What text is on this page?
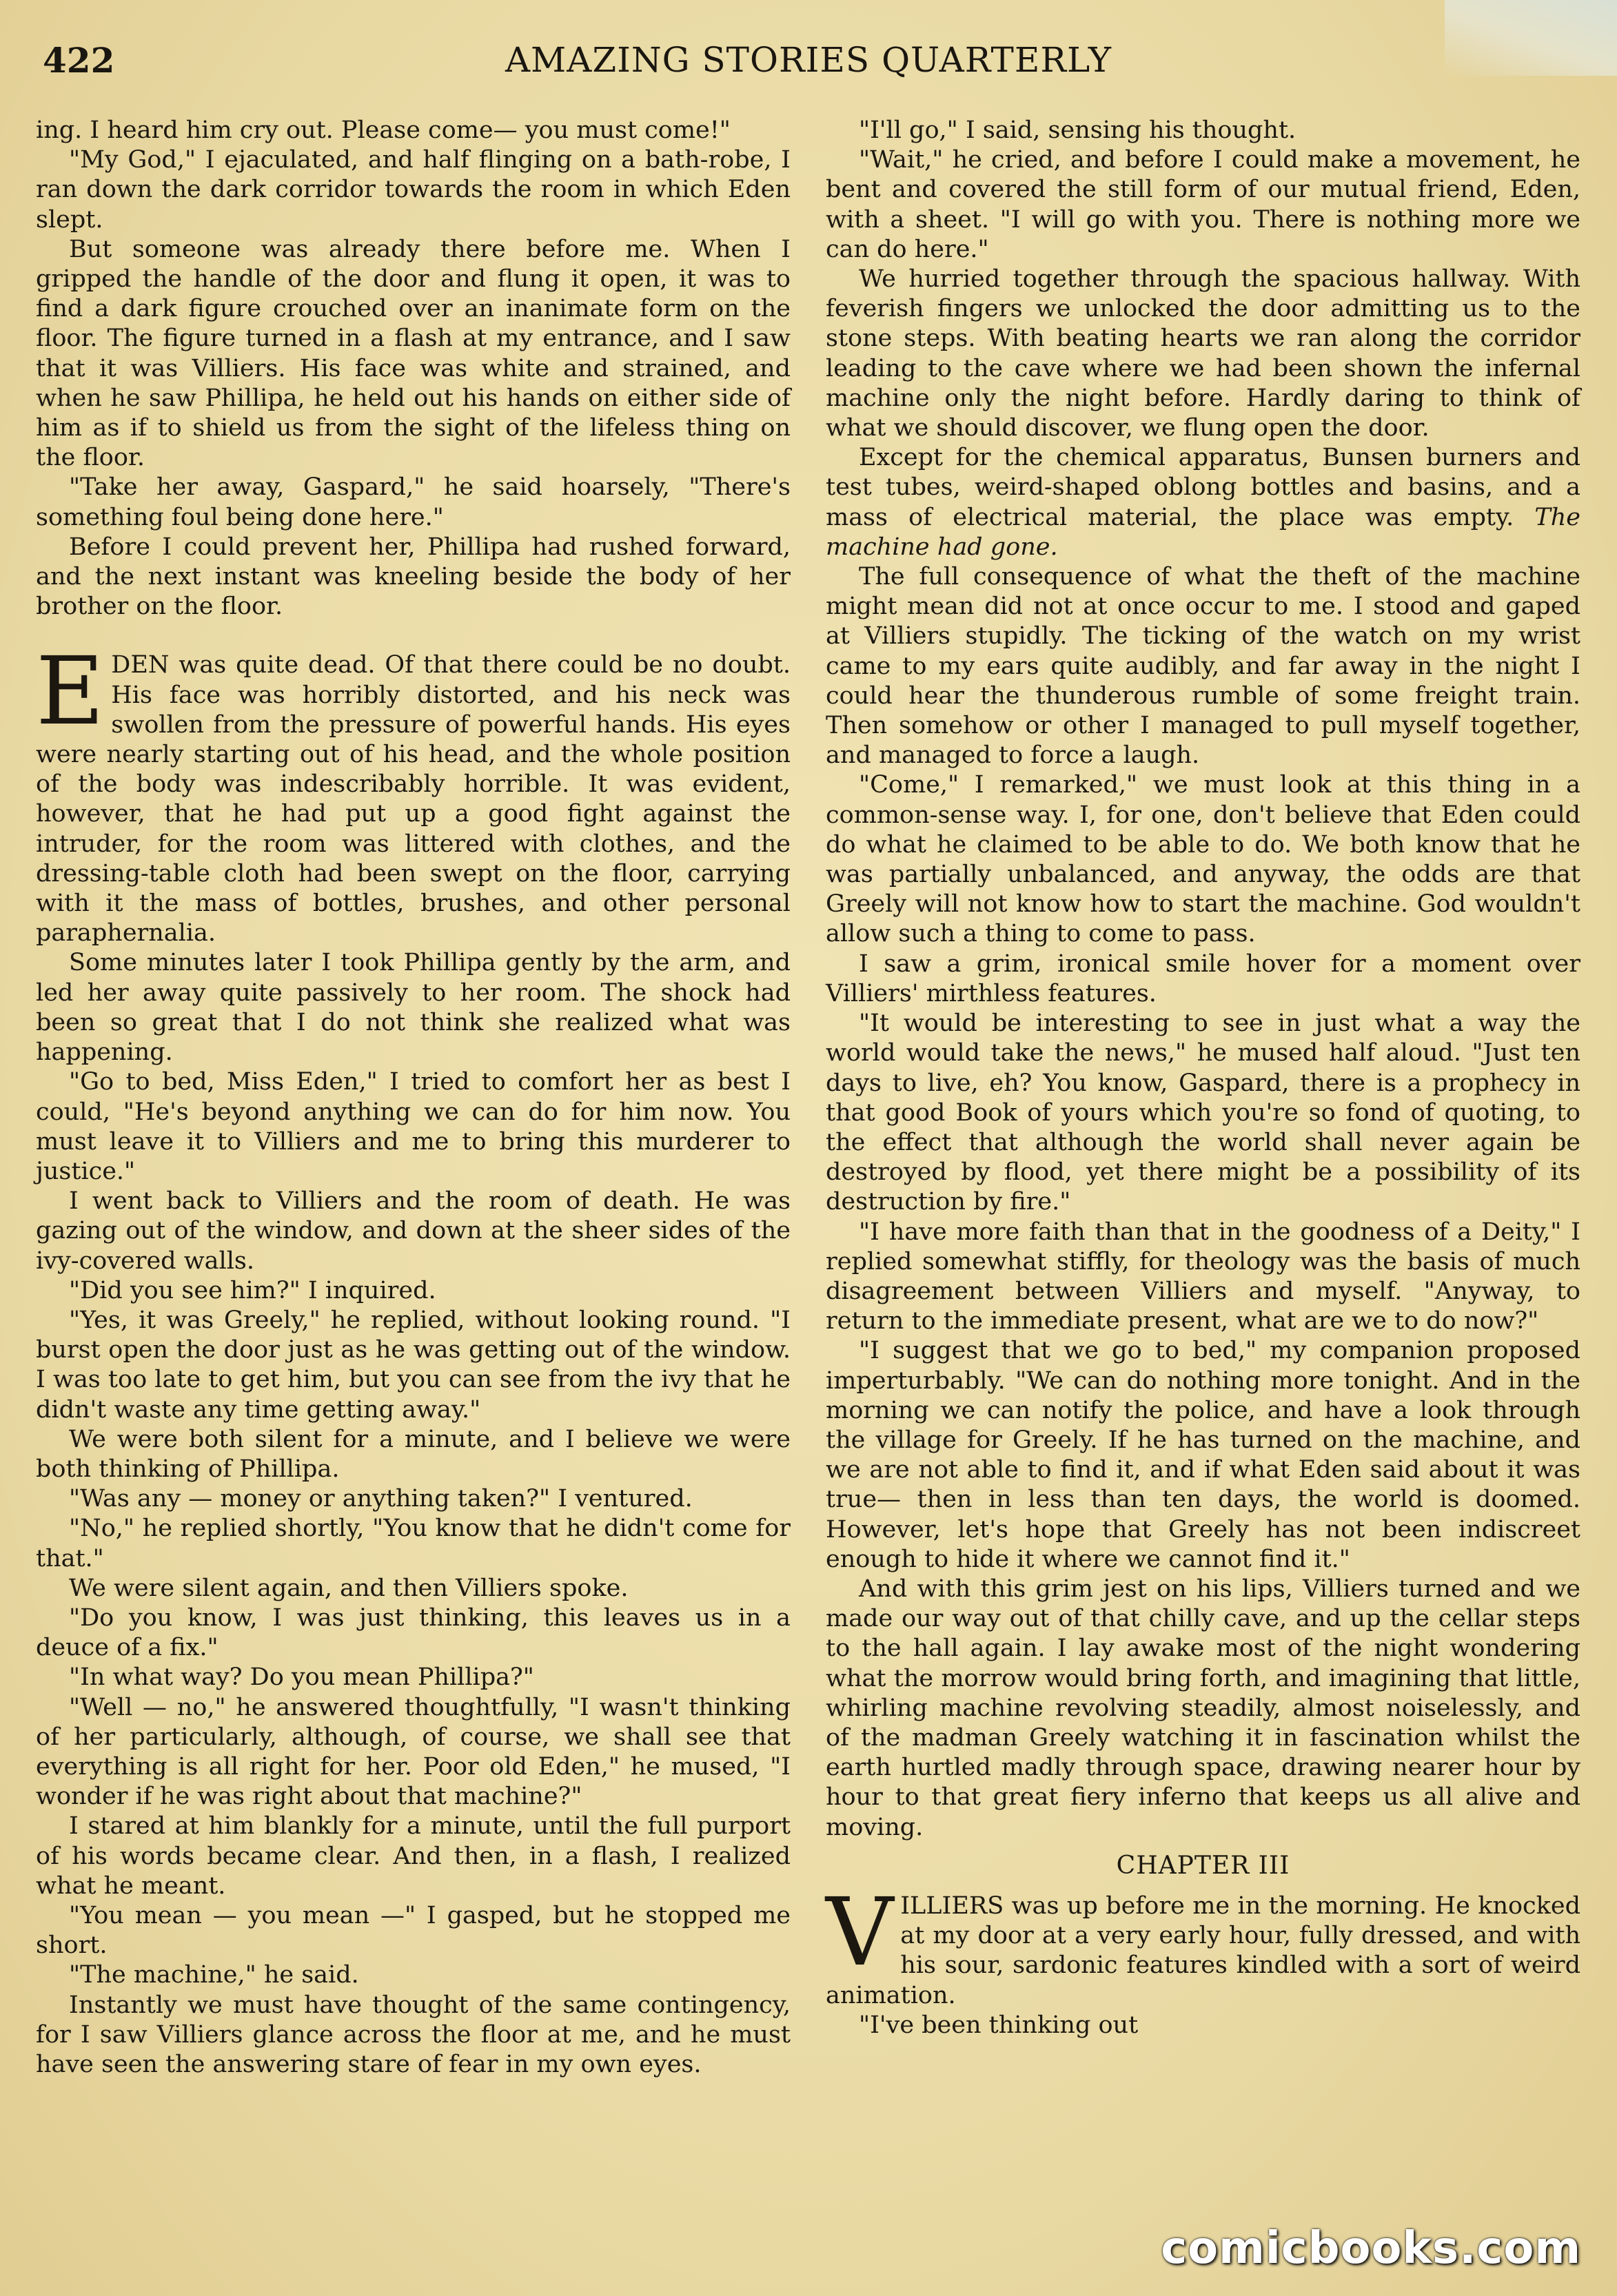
422	AMAZING STORIES QUARTERLY

ing. I heard him cry out. Please come— you must come!"

"My God," I ejaculated, and half flinging on a bath-robe, I ran down the dark corridor towards the room in which Eden slept.

But someone was already there before me. When I gripped the handle of the door and flung it open, it was to find a dark figure crouched over an inanimate form on the floor. The figure turned in a flash at my entrance, and I saw that it was Villiers. His face was white and strained, and when he saw Phillipa, he held out his hands on either side of him as if to shield us from the sight of the lifeless thing on the floor.

"Take her away, Gaspard," he said hoarsely, "There's something foul being done here."

Before I could prevent her, Phillipa had rushed forward, and the next instant was kneeling beside the body of her brother on the floor.

EDEN was quite dead. Of that there could be no doubt. His face was horribly distorted, and his neck was swollen from the pressure of powerful hands. His eyes were nearly starting out of his head, and the whole position of the body was indescribably horrible. It was evident, however, that he had put up a good fight against the intruder, for the room was littered with clothes, and the dressing-table cloth had been swept on the floor, carrying with it the mass of bottles, brushes, and other personal paraphernalia.

Some minutes later I took Phillipa gently by the arm, and led her away quite passively to her room. The shock had been so great that I do not think she realized what was happening.

"Go to bed, Miss Eden," I tried to comfort her as best I could, "He's beyond anything we can do for him now. You must leave it to Villiers and me to bring this murderer to justice."

I went back to Villiers and the room of death. He was gazing out of the window, and down at the sheer sides of the ivy-covered walls.

"Did you see him?" I inquired.

"Yes, it was Greely," he replied, without looking round. "I burst open the door just as he was getting out of the window. I was too late to get him, but you can see from the ivy that he didn't waste any time getting away."

We were both silent for a minute, and I believe we were both thinking of Phillipa.

"Was any — money or anything taken?" I ventured.

"No," he replied shortly, "You know that he didn't come for that."

We were silent again, and then Villiers spoke.

"Do you know, I was just thinking, this leaves us in a deuce of a fix."

"In what way? Do you mean Phillipa?"

"Well — no," he answered thoughtfully, "I wasn't thinking of her particularly, although, of course, we shall see that everything is all right for her. Poor old Eden," he mused, "I wonder if he was right about that machine?"

I stared at him blankly for a minute, until the full purport of his words became clear. And then, in a flash, I realized what he meant.

"You mean — you mean —" I gasped, but he stopped me short.

"The machine," he said.

Instantly we must have thought of the same contingency, for I saw Villiers glance across the floor at me, and he must have seen the answering stare of fear in my own eyes.

"I'll go," I said, sensing his thought.

"Wait," he cried, and before I could make a movement, he bent and covered the still form of our mutual friend, Eden, with a sheet. "I will go with you. There is nothing more we can do here."

We hurried together through the spacious hallway. With feverish fingers we unlocked the door admitting us to the stone steps. With beating hearts we ran along the corridor leading to the cave where we had been shown the infernal machine only the night before. Hardly daring to think of what we should discover, we flung open the door.

Except for the chemical apparatus, Bunsen burners and test tubes, weird-shaped oblong bottles and basins, and a mass of electrical material, the place was empty. The machine had gone.

The full consequence of what the theft of the machine might mean did not at once occur to me. I stood and gaped at Villiers stupidly. The ticking of the watch on my wrist came to my ears quite audibly, and far away in the night I could hear the thunderous rumble of some freight train. Then somehow or other I managed to pull myself together, and managed to force a laugh.

"Come," I remarked," we must look at this thing in a common-sense way. I, for one, don't believe that Eden could do what he claimed to be able to do. We both know that he was partially unbalanced, and anyway, the odds are that Greely will not know how to start the machine. God wouldn't allow such a thing to come to pass.

I saw a grim, ironical smile hover for a moment over Villiers' mirthless features.

"It would be interesting to see in just what a way the world would take the news," he mused half aloud. "Just ten days to live, eh? You know, Gaspard, there is a prophecy in that good Book of yours which you're so fond of quoting, to the effect that although the world shall never again be destroyed by flood, yet there might be a possibility of its destruction by fire."

"I have more faith than that in the goodness of a Deity," I replied somewhat stiffly, for theology was the basis of much disagreement between Villiers and myself. "Anyway, to return to the immediate present, what are we to do now?"

"I suggest that we go to bed," my companion proposed imperturbably. "We can do nothing more tonight. And in the morning we can notify the police, and have a look through the village for Greely. If he has turned on the machine, and we are not able to find it, and if what Eden said about it was true— then in less than ten days, the world is doomed. However, let's hope that Greely has not been indiscreet enough to hide it where we cannot find it."

And with this grim jest on his lips, Villiers turned and we made our way out of that chilly cave, and up the cellar steps to the hall again. I lay awake most of the night wondering what the morrow would bring forth, and imagining that little, whirling machine revolving steadily, almost noiselessly, and of the madman Greely watching it in fascination whilst the earth hurtled madly through space, drawing nearer hour by hour to that great fiery inferno that keeps us all alive and moving.

CHAPTER III

VILLIERS was up before me in the morning. He knocked at my door at a very early hour, fully dressed, and with his sour, sardonic features kindled with a sort of weird animation.

"I've been thinking out

comicbooks.com
